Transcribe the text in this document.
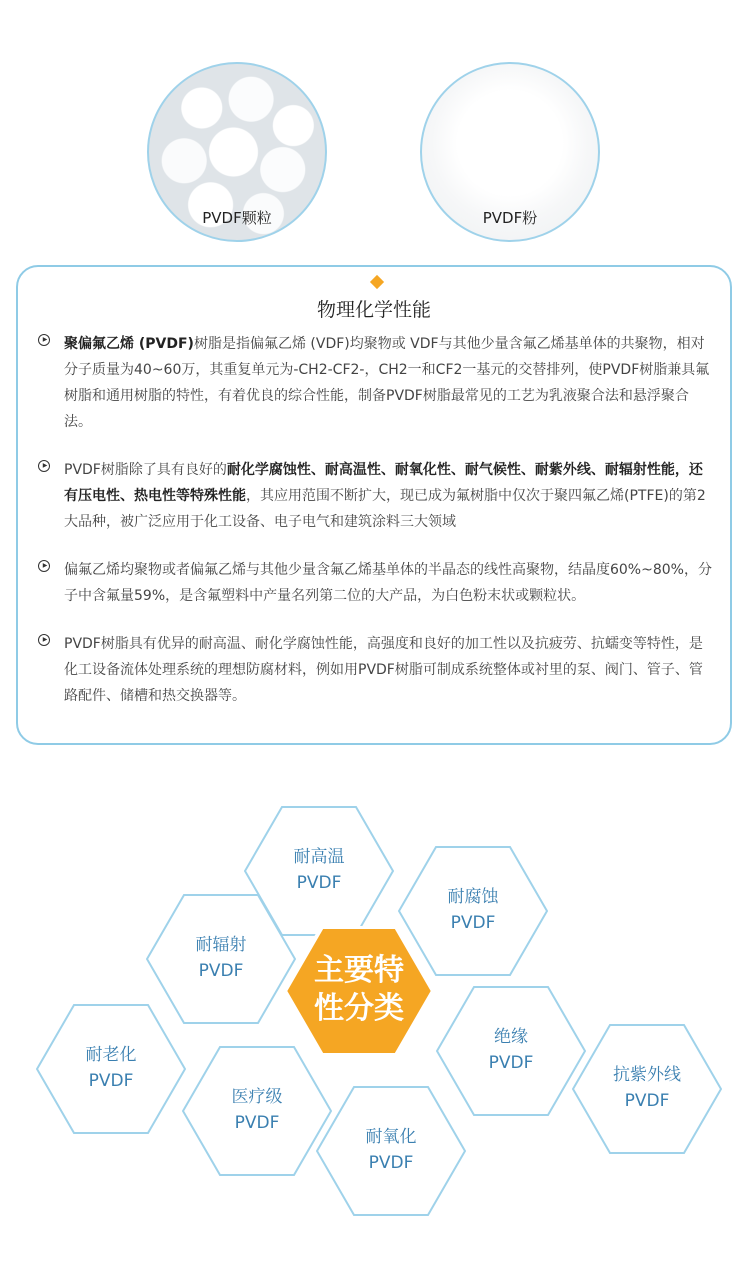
PVDF颗粒	PVDF粉
物理化学性能
▶
聚偏氟乙烯 (PVDF)树脂是指偏氟乙烯 (VDF)均聚物或 VDF与其他少量含氟乙烯基单体的共聚物，相对分子质量为40~60万，其重复单元为-CH2-CF2-，CH2一和CF2一基元的交替排列，使PVDF树脂兼具氟树脂和通用树脂的特性，有着优良的综合性能，制备PVDF树脂最常见的工艺为乳液聚合法和悬浮聚合法。
▶
PVDF树脂除了具有良好的耐化学腐蚀性、耐高温性、耐氧化性、耐气候性、耐紫外线、耐辐射性能，还有压电性、热电性等特殊性能，其应用范围不断扩大，现已成为氟树脂中仅次于聚四氟乙烯(PTFE)的第2大品种，被广泛应用于化工设备、电子电气和建筑涂料三大领域
▶
偏氟乙烯均聚物或者偏氟乙烯与其他少量含氟乙烯基单体的半晶态的线性高聚物，结晶度60%~80%，分子中含氟量59%，是含氟塑料中产量名列第二位的大产品，为白色粉末状或颗粒状。
▶
PVDF树脂具有优异的耐高温、耐化学腐蚀性能，高强度和良好的加工性以及抗疲劳、抗蠕变等特性，是化工设备流体处理系统的理想防腐材料，例如用PVDF树脂可制成系统整体或衬里的泵、阀门、管子、管路配件、储槽和热交换器等。
主要特
性分类
耐高温
PVDF
耐腐蚀
PVDF
耐辐射
PVDF
绝缘
PVDF
耐老化
PVDF
医疗级
PVDF
抗紫外线
PVDF
耐氧化
PVDF
